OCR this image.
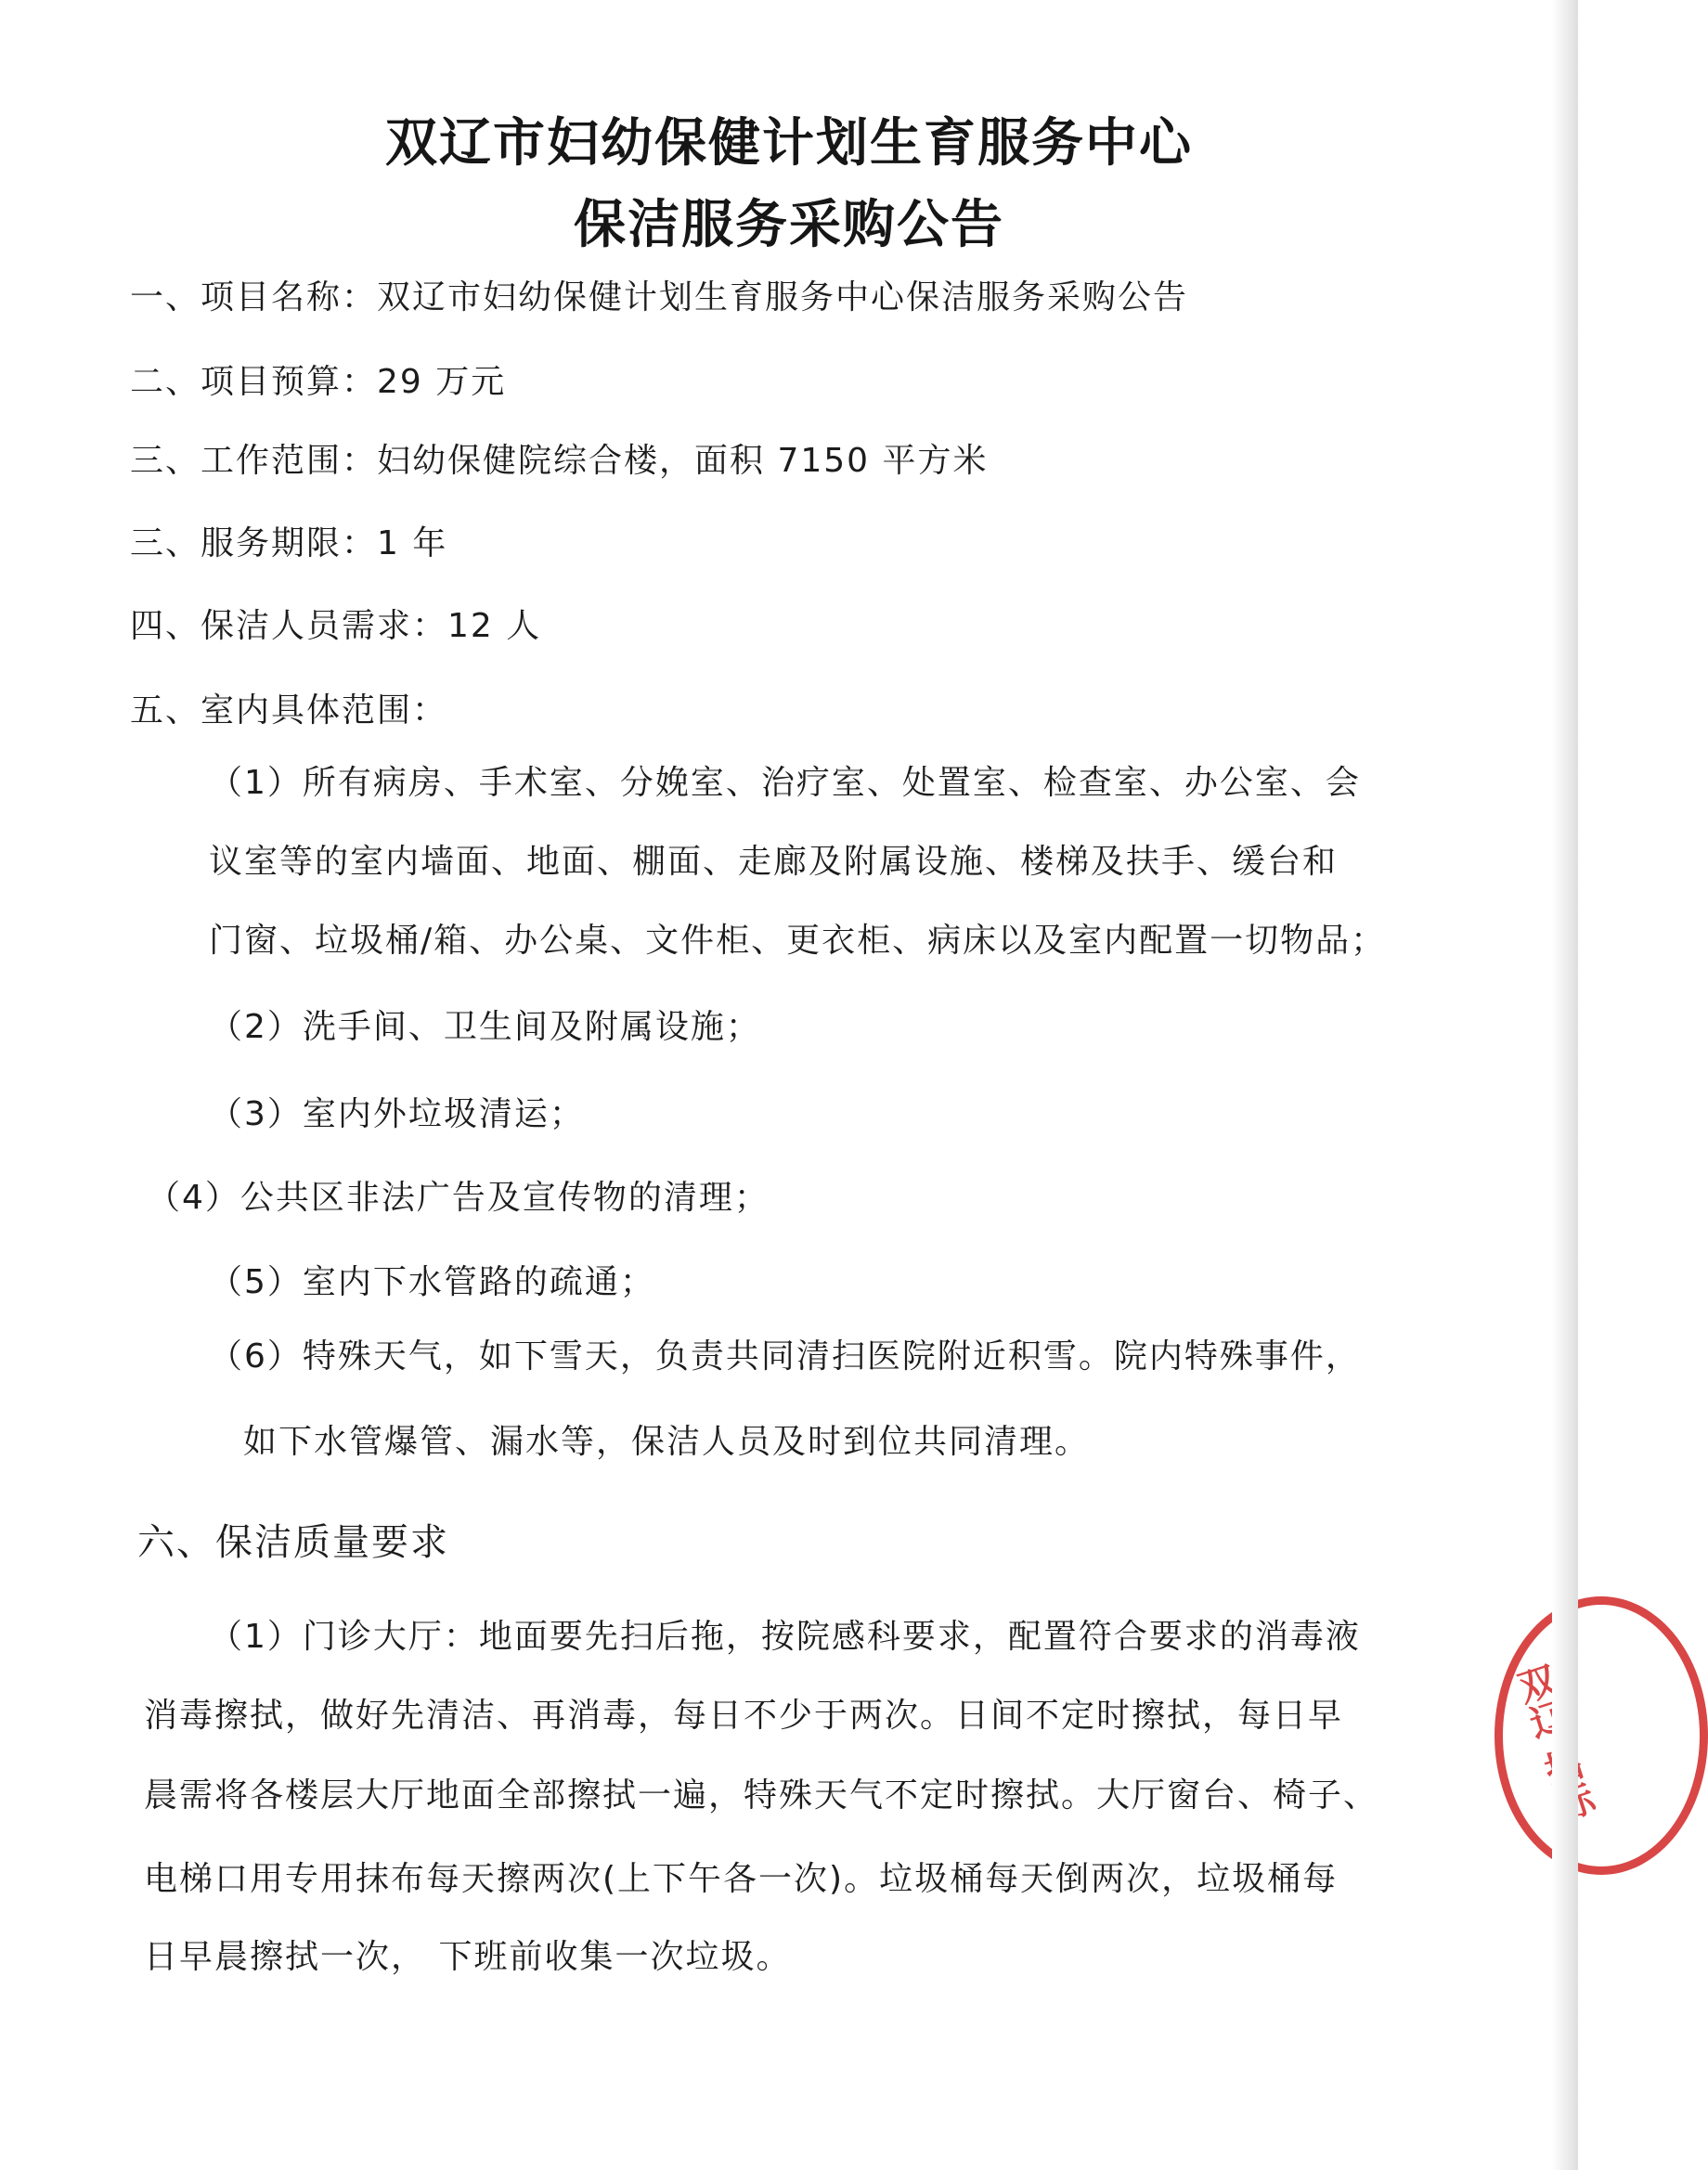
双辽市妇幼保健计划生育服务中心
保洁服务采购公告
一、项目名称：双辽市妇幼保健计划生育服务中心保洁服务采购公告
二、项目预算：29 万元
三、工作范围：妇幼保健院综合楼，面积 7150 平方米
三、服务期限：1 年
四、保洁人员需求：12 人
五、室内具体范围：
（1）所有病房、手术室、分娩室、治疗室、处置室、检查室、办公室、会
议室等的室内墙面、地面、棚面、走廊及附属设施、楼梯及扶手、缓台和
门窗、垃圾桶/箱、办公桌、文件柜、更衣柜、病床以及室内配置一切物品；
（2）洗手间、卫生间及附属设施；
（3）室内外垃圾清运；
（4）公共区非法广告及宣传物的清理；
（5）室内下水管路的疏通；
（6）特殊天气，如下雪天，负责共同清扫医院附近积雪。院内特殊事件，
如下水管爆管、漏水等，保洁人员及时到位共同清理。
六、保洁质量要求
（1）门诊大厅：地面要先扫后拖，按院感科要求，配置符合要求的消毒液
消毒擦拭，做好先清洁、再消毒，每日不少于两次。日间不定时擦拭，每日早
晨需将各楼层大厅地面全部擦拭一遍，特殊天气不定时擦拭。大厅窗台、椅子、
电梯口用专用抹布每天擦两次(上下午各一次)。垃圾桶每天倒两次，垃圾桶每
日早晨擦拭一次， 下班前收集一次垃圾。
